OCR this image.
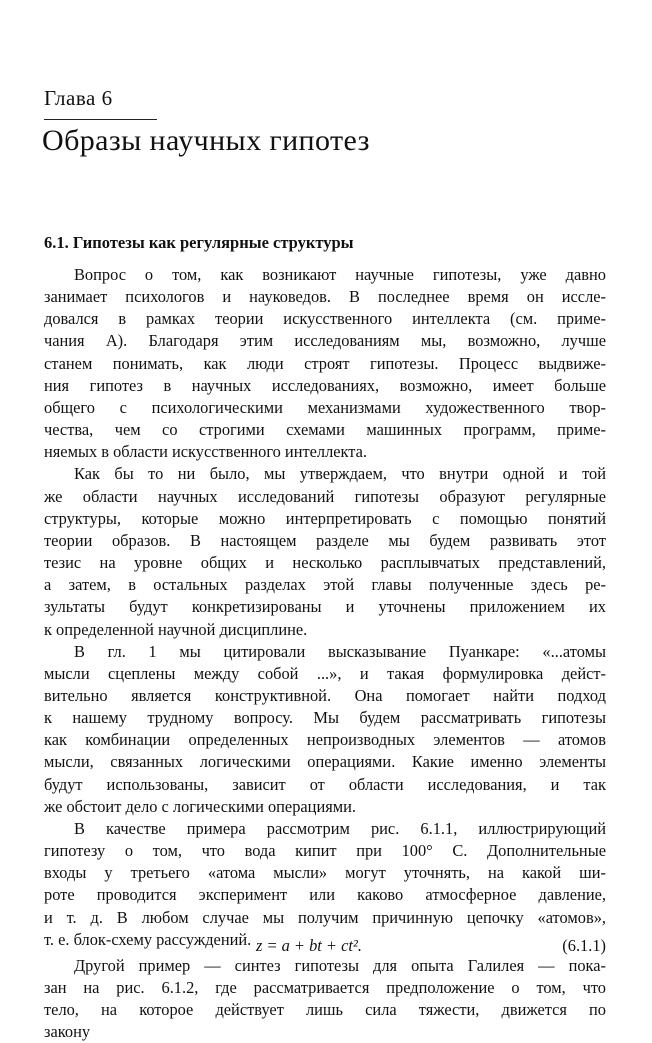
Глава 6
Образы научных гипотез
6.1. Гипотезы как регулярные структуры
Вопрос о том, как возникают научные гипотезы, уже давно
занимает психологов и науковедов. В последнее время он иссле-
довался в рамках теории искусственного интеллекта (см. приме-
чания А). Благодаря этим исследованиям мы, возможно, лучше
станем понимать, как люди строят гипотезы. Процесс выдвиже-
ния гипотез в научных исследованиях, возможно, имеет больше
общего с психологическими механизмами художественного твор-
чества, чем со строгими схемами машинных программ, приме-
няемых в области искусственного интеллекта.
Как бы то ни было, мы утверждаем, что внутри одной и той
же области научных исследований гипотезы образуют регулярные
структуры, которые можно интерпретировать с помощью понятий
теории образов. В настоящем разделе мы будем развивать этот
тезис на уровне общих и несколько расплывчатых представлений,
а затем, в остальных разделах этой главы полученные здесь ре-
зультаты будут конкретизированы и уточнены приложением их
к определенной научной дисциплине.
В гл. 1 мы цитировали высказывание Пуанкаре: «...атомы
мысли сцеплены между собой ...», и такая формулировка дейст-
вительно является конструктивной. Она помогает найти подход
к нашему трудному вопросу. Мы будем рассматривать гипотезы
как комбинации определенных непроизводных элементов — атомов
мысли, связанных логическими операциями. Какие именно элементы
будут использованы, зависит от области исследования, и так
же обстоит дело с логическими операциями.
В качестве примера рассмотрим рис. 6.1.1, иллюстрирующий
гипотезу о том, что вода кипит при 100° С. Дополнительные
входы у третьего «атома мысли» могут уточнять, на какой ши-
роте проводится эксперимент или каково атмосферное давление,
и т. д. В любом случае мы получим причинную цепочку «атомов»,
т. е. блок-схему рассуждений.
Другой пример — синтез гипотезы для опыта Галилея — пока-
зан на рис. 6.1.2, где рассматривается предположение о том, что
тело, на которое действует лишь сила тяжести, движется по
закону
z = a + bt + ct².	(6.1.1)
